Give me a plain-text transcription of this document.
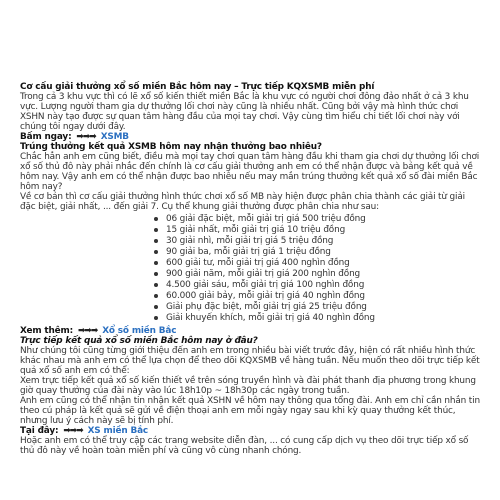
Cơ cấu giải thưởng xổ số miền Bắc hôm nay – Trực tiếp KQXSMB miễn phí

Trong cả 3 khu vực thì có lẽ xổ số kiến thiết miền Bắc là khu vực có người chơi đông đảo nhất ở cả 3 khu vực. Lượng người tham gia dự thưởng lối chơi này cũng là nhiều nhất. Cũng bởi vậy mà hình thức chơi XSHN này tạo được sự quan tâm hàng đầu của mọi tay chơi. Vậy cùng tìm hiểu chi tiết lối chơi này với chúng tôi ngay dưới đây.

Bấm ngay: ➡➡➡ XSMB

Trúng thưởng kết quả XSMB hôm nay nhận thưởng bao nhiêu?

Chắc hẳn anh em cũng biết, điều mà mọi tay chơi quan tâm hàng đầu khi tham gia chơi dự thưởng lối chơi xổ số thủ đô này phải nhắc đến chính là cơ cấu giải thưởng anh em có thể nhận được và bảng kết quả về hôm nay. Vậy anh em có thể nhận được bao nhiêu nếu may mắn trúng thưởng kết quả xổ số đài miền Bắc hôm nay?

Về cơ bản thì cơ cấu giải thưởng hình thức chơi xổ số MB này hiện được phân chia thành các giải từ giải đặc biệt, giải nhất, ... đến giải 7. Cụ thể khung giải thưởng được phân chia như sau:

06 giải đặc biệt, mỗi giải trị giá 500 triệu đồng
15 giải nhất, mỗi giải trị giá 10 triệu đồng
30 giải nhì, mỗi giải trị giá 5 triệu đồng
90 giải ba, mỗi giải trị giá 1 triệu đồng
600 giải tư, mỗi giải trị giá 400 nghìn đồng
900 giải năm, mỗi giải trị giá 200 nghìn đồng
4.500 giải sáu, mỗi giải trị giá 100 nghìn đồng
60.000 giải bảy, mỗi giải trị giá 40 nghìn đồng
Giải phụ đặc biệt, mỗi giải trị giá 25 triệu đồng
Giải khuyến khích, mỗi giải trị giá 40 nghìn đồng

Xem thêm: ➡➡➡ Xổ số miền Bắc

Trực tiếp kết quả xổ số miền Bắc hôm nay ở đâu?

Như chúng tôi cũng từng giới thiệu đến anh em trong nhiều bài viết trước đây, hiện có rất nhiều hình thức khác nhau mà anh em có thể lựa chọn để theo dõi KQXSMB về hàng tuần. Nếu muốn theo dõi trực tiếp kết quả xổ số anh em có thể:

Xem trực tiếp kết quả xổ số kiến thiết về trên sóng truyền hình và đài phát thanh địa phương trong khung giờ quay thưởng của đài này vào lúc 18h10p ~ 18h30p các ngày trong tuần.

Anh em cũng có thể nhận tin nhận kết quả XSHN về hôm nay thông qua tổng đài. Anh em chỉ cần nhắn tin theo cú pháp là kết quả sẽ gửi về điện thoại anh em mỗi ngày ngay sau khi kỳ quay thưởng kết thúc, nhưng lưu ý cách này sẽ bị tính phí.

Tại đây: ➡➡➡ XS miền Bắc

Hoặc anh em có thể truy cập các trang website diễn đàn, ... có cung cấp dịch vụ theo dõi trực tiếp xổ số thủ đô này về hoàn toàn miễn phí và cũng vô cùng nhanh chóng.
